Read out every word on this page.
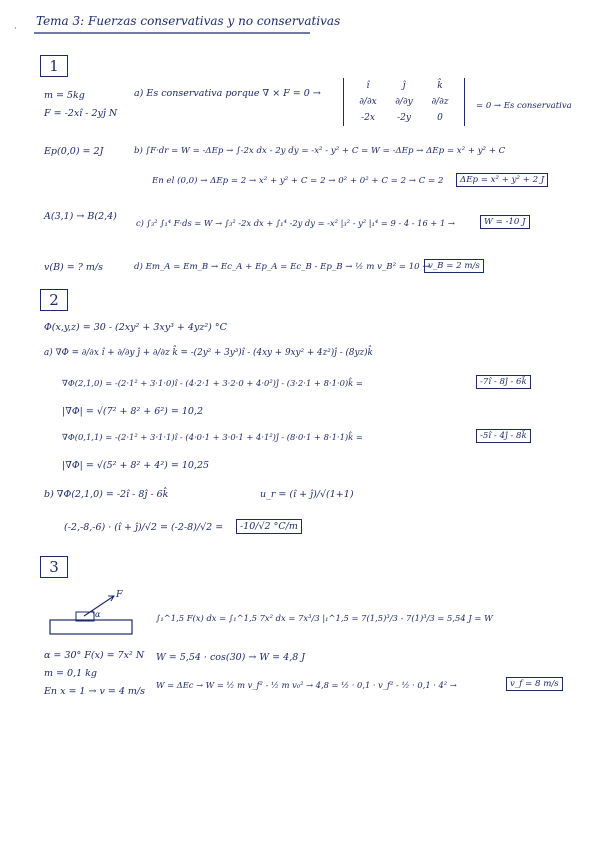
·
Tema 3: Fuerzas conservativas y no conservativas
1
m = 5kg
F = -2xî - 2yĵ N
a) Es conservativa porque ∇ × F = 0 →
î	ĵ	k̂
∂/∂x ∂/∂y ∂/∂z
-2x -2y	0
= 0 → Es conservativa
Ep(0,0) = 2J	b) ∫F·dr = W = -ΔEp → ∫-2x dx - 2y dy = -x² - y² + C = W = -ΔEp → ΔEp = x² + y² + C
En el (0,0) → ΔEp = 2 → x² + y² + C = 2 → 0² + 0² + C = 2 → C = 2	ΔEp = x² + y² + 2 J
A(3,1) → B(2,4)
c) ∫₃² ∫₁⁴ F·ds = W → ∫₃² -2x dx + ∫₁⁴ -2y dy = -x² |₃² - y² |₁⁴ = 9 - 4 - 16 + 1 →	W = -10 J
v(B) = ? m/s	d) Em_A = Em_B → Ec_A + Ep_A = Ec_B - Ep_B → ½ m v_B² = 10 →
v_B = 2 m/s
2
Φ(x,y,z) = 30 - (2xy² + 3xy³ + 4yz²) °C
a) ∇Φ = ∂/∂x î + ∂/∂y ĵ + ∂/∂z k̂ = -(2y² + 3y³)î - (4xy + 9xy² + 4z²)ĵ - (8yz)k̂
∇Φ(2,1,0) = -(2·1² + 3·1·0)î - (4·2·1 + 3·2·0 + 4·0²)ĵ - (3·2·1 + 8·1·0)k̂ =	-7î - 8ĵ - 6k̂
|∇Φ| = √(7² + 8² + 6²) = 10,2
∇Φ(0,1,1) = -(2·1² + 3·1·1)î - (4·0·1 + 3·0·1 + 4·1²)ĵ - (8·0·1 + 8·1·1)k̂ =	-5î - 4ĵ - 8k̂
|∇Φ| = √(5² + 8² + 4²) = 10,25
b) ∇Φ(2,1,0) = -2î - 8ĵ - 6k̂	u_r = (î + ĵ)/√(1+1)
(-2,-8,-6) · (î + ĵ)/√2 = (-2-8)/√2 =	-10/√2 °C/m
3
F
α
α = 30° F(x) = 7x² N
m = 0,1 kg
En x = 1 → v = 4 m/s
∫₁^1,5 F(x) dx = ∫₁^1,5 7x² dx = 7x³/3 |₁^1,5 = 7(1,5)³/3 - 7(1)³/3 = 5,54 J = W
W = 5,54 · cos(30) → W = 4,8 J
W = ΔEc → W = ½ m v_f² - ½ m v₀² → 4,8 = ½ · 0,1 · v_f² - ½ · 0,1 · 4² →	v_f = 8 m/s
